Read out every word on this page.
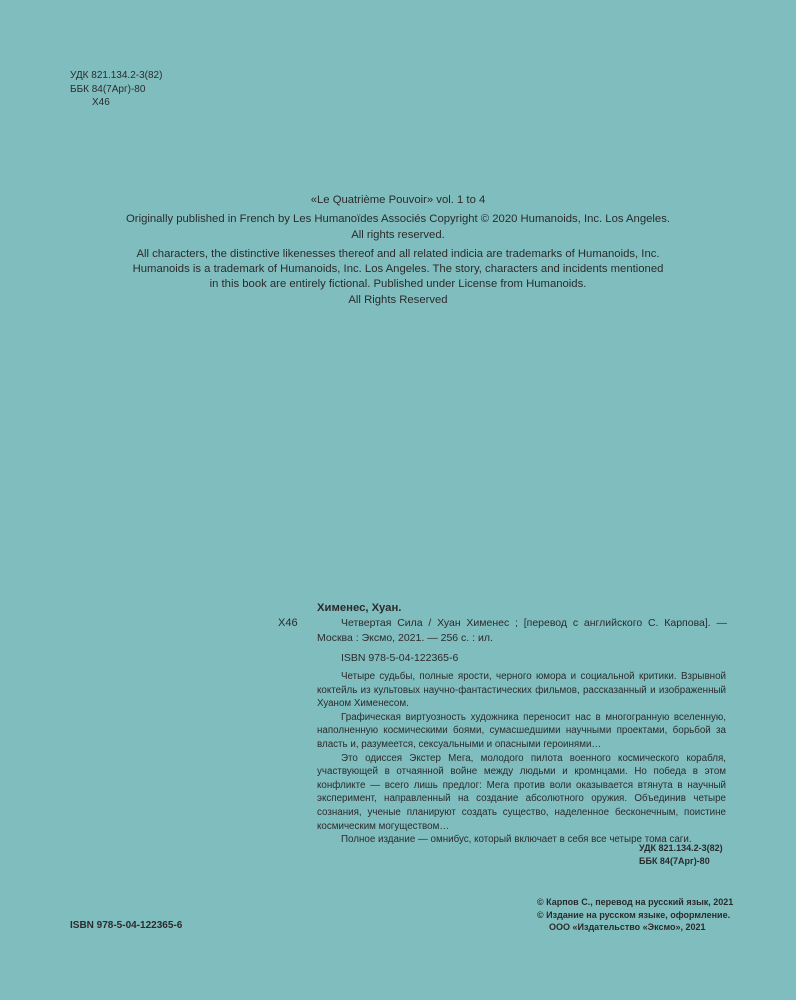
УДК 821.134.2-3(82)
ББК 84(7Арг)-80
Х46

«Le Quatrième Pouvoir» vol. 1 to 4

Originally published in French by Les Humanoïdes Associés Copyright © 2020 Humanoids, Inc. Los Angeles.

All rights reserved.

All characters, the distinctive likenesses thereof and all related indicia are trademarks of Humanoids, Inc.

Humanoids is a trademark of Humanoids, Inc. Los Angeles. The story, characters and incidents mentioned

in this book are entirely fictional. Published under License from Humanoids.

All Rights Reserved

Х46
Хименес, Хуан.
Четвертая Сила / Хуан Хименес ; [перевод с английского С. Карпова]. — Москва : Эксмо, 2021. — 256 с. : ил.
ISBN 978-5-04-122365-6

Четыре судьбы, полные ярости, черного юмора и социальной критики. Взрывной коктейль из культовых научно-фантастических фильмов, рассказанный и изображенный Хуаном Хименесом.

Графическая виртуозность художника переносит нас в многогранную вселенную, наполненную космическими боями, сумасшедшими научными проектами, борьбой за власть и, разумеется, сексуальными и опасными героинями…

Это одиссея Экстер Мега, молодого пилота военного космического корабля, участвующей в отчаянной войне между людьми и кромнцами. Но победа в этом конфликте — всего лишь предлог: Мега против воли оказывается втянута в научный эксперимент, направленный на создание абсолютного оружия. Объединив четыре сознания, ученые планируют создать существо, наделенное бесконечным, поистине космическим могуществом…

Полное издание — омнибус, который включает в себя все четыре тома саги.

УДК 821.134.2-3(82)
ББК 84(7Арг)-80
© Карпов С., перевод на русский язык, 2021
© Издание на русском языке, оформление.
ООО «Издательство «Эксмо», 2021
ISBN 978-5-04-122365-6
